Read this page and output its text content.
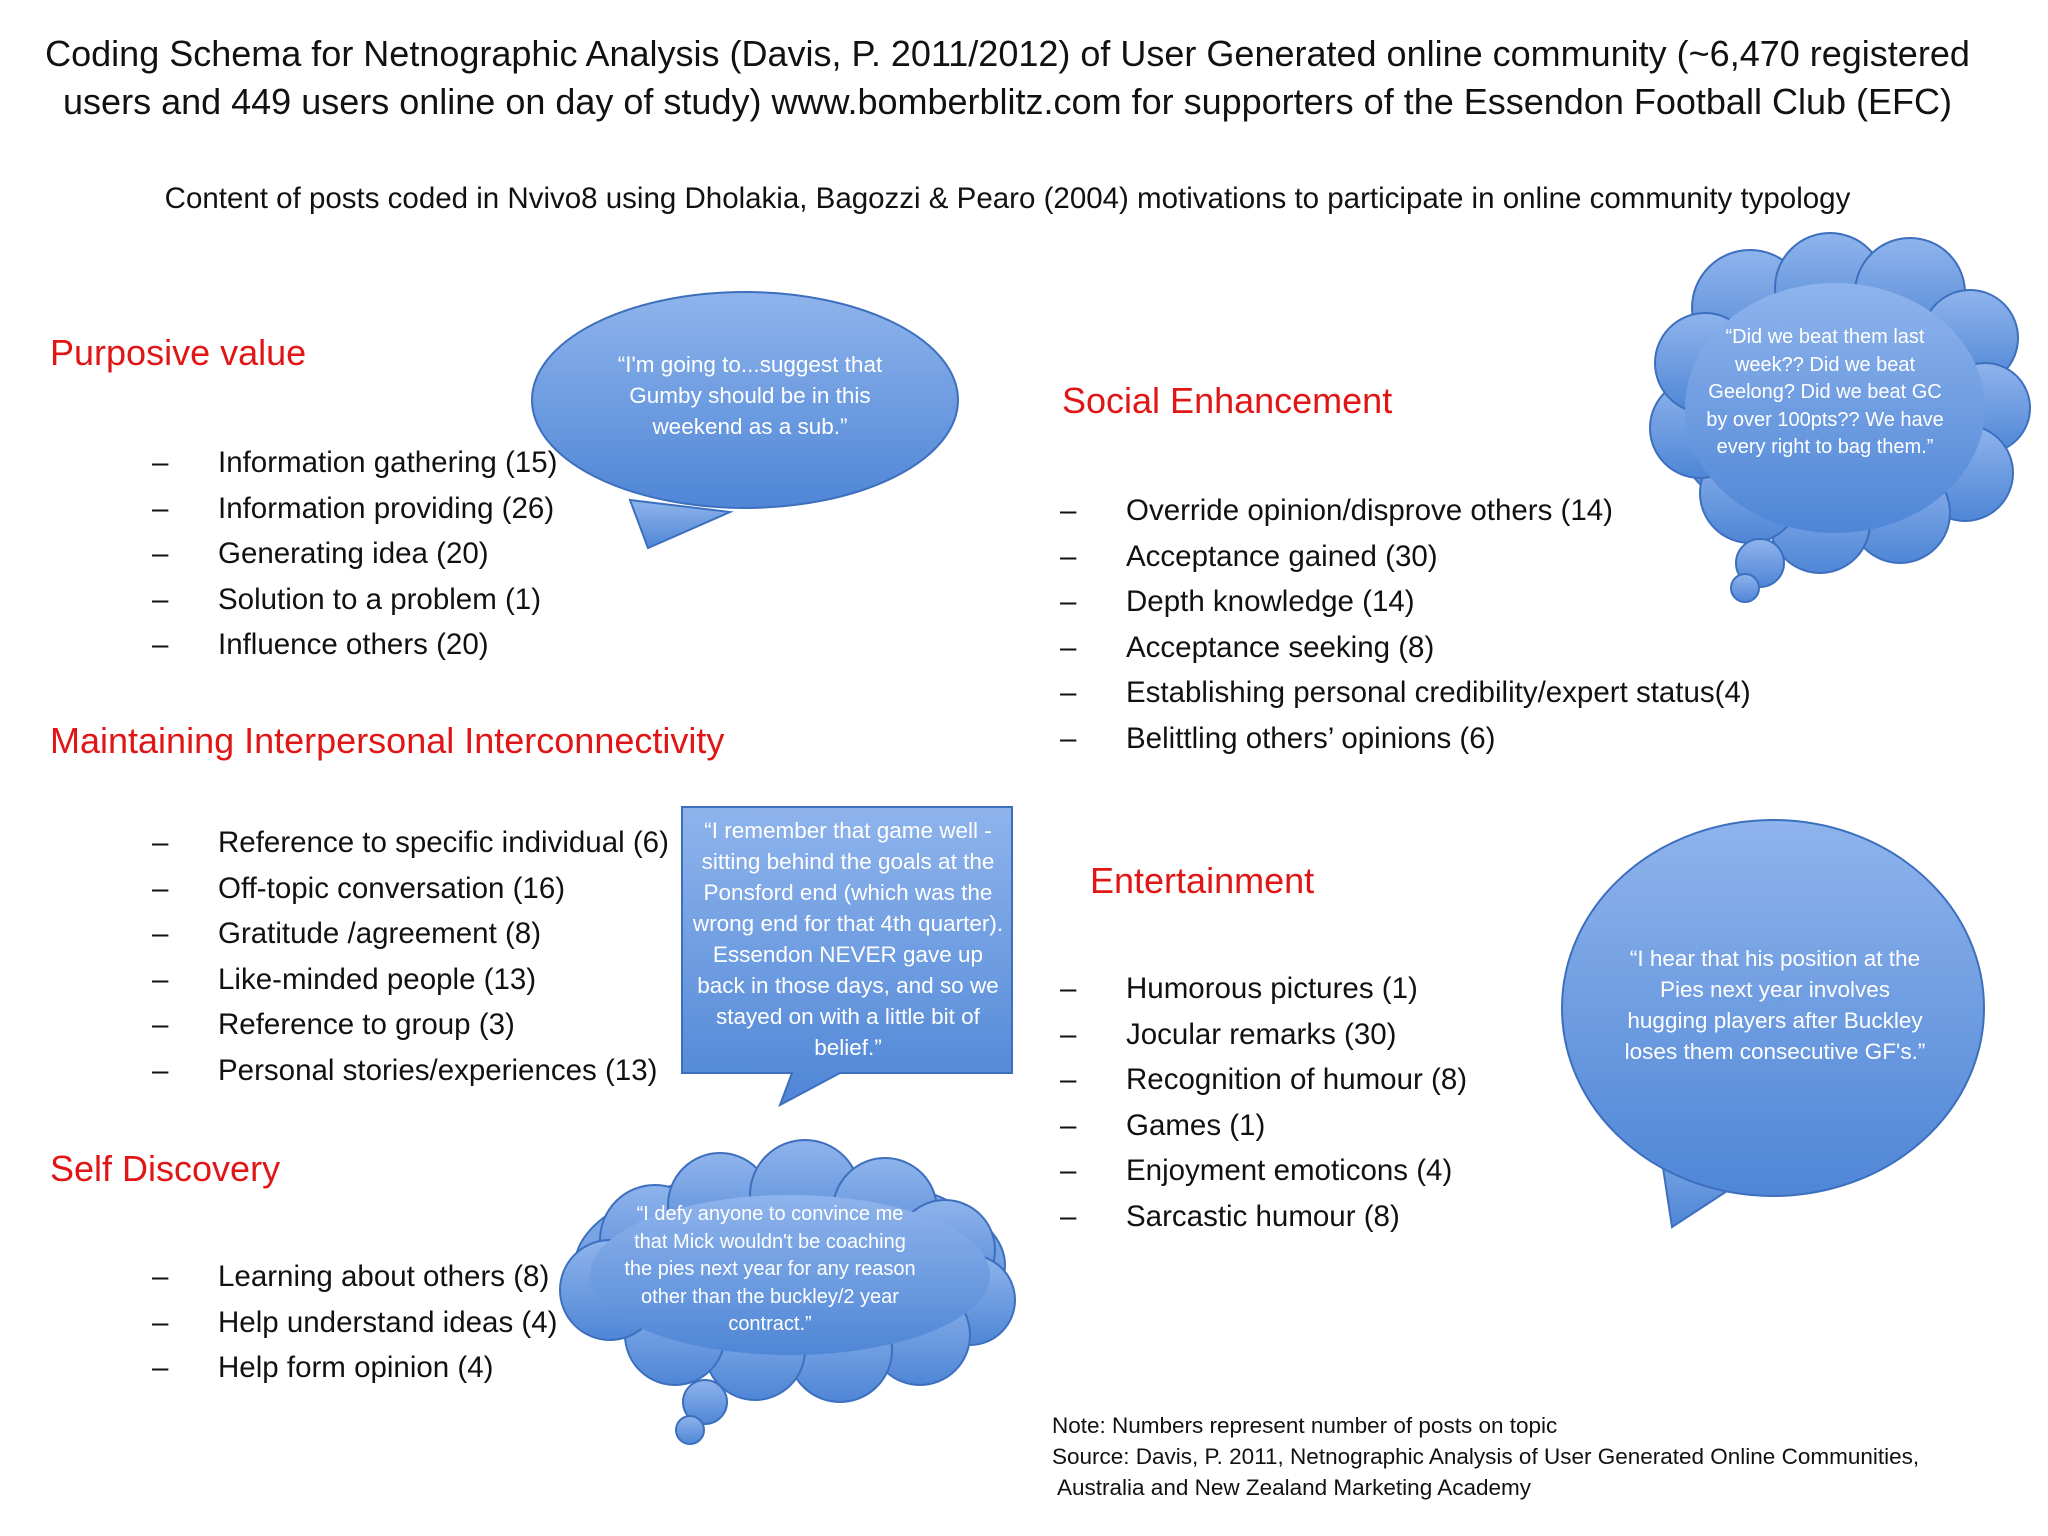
Coding Schema for Netnographic Analysis (Davis, P. 2011/2012) of User Generated online community (~6,470 registered users and 449 users online on day of study) www.bomberblitz.com for supporters of the Essendon Football Club (EFC)
Content of posts coded in Nvivo8 using Dholakia, Bagozzi & Pearo (2004) motivations to participate in online community typology
Purposive value
– Information gathering (15)
– Information providing (26)
– Generating idea (20)
– Solution to a problem (1)
– Influence others (20)
Maintaining Interpersonal Interconnectivity
– Reference to specific individual (6)
– Off-topic conversation (16)
– Gratitude /agreement (8)
– Like-minded people (13)
– Reference to group (3)
– Personal stories/experiences (13)
Self Discovery
– Learning about others (8)
– Help understand ideas (4)
– Help form opinion (4)
Social Enhancement
– Override opinion/disprove others (14)
– Acceptance gained (30)
– Depth knowledge (14)
– Acceptance seeking (8)
– Establishing personal credibility/expert status(4)
– Belittling others’ opinions (6)
Entertainment
– Humorous pictures (1)
– Jocular remarks (30)
– Recognition of humour (8)
– Games (1)
– Enjoyment emoticons (4)
– Sarcastic humour (8)
“I'm going to...suggest that Gumby should be in this weekend as a sub.”
“I remember that game well - sitting behind the goals at the Ponsford end (which was the wrong end for that 4th quarter). Essendon NEVER gave up back in those days, and so we stayed on with a little bit of belief.”
“I defy anyone to convince me that Mick wouldn't be coaching the pies next year for any reason other than the buckley/2 year contract.”
“Did we beat them last week?? Did we beat Geelong? Did we beat GC by over 100pts?? We have every right to bag them.”
“I hear that his position at the Pies next year involves hugging players after Buckley loses them consecutive GF's.”
Note: Numbers represent number of posts on topic
Source: Davis, P. 2011, Netnographic Analysis of User Generated Online Communities,
Australia and New Zealand Marketing Academy
